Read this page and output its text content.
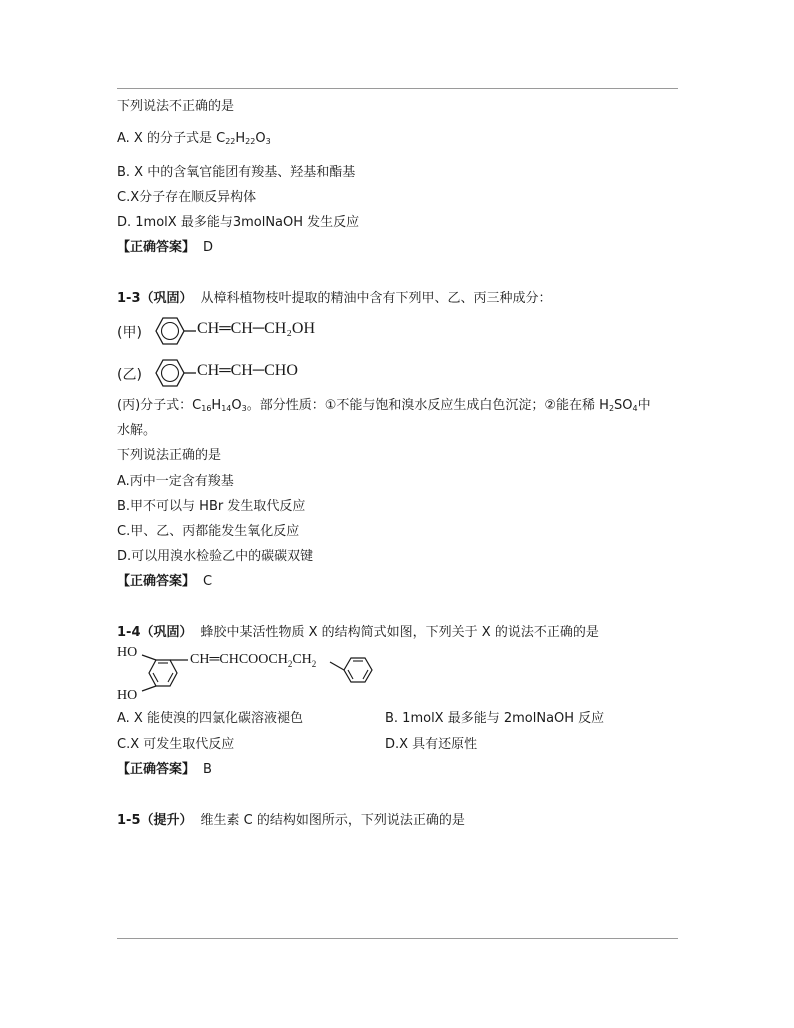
下列说法不正确的是
A. X 的分子式是 $C_{22}H_{22}O_3$
B. X 中的含氧官能团有羧基、羟基和酯基
C.X分子存在顺反异构体
D. 1molX 最多能与3molNaOH 发生反应
【正确答案】 D
1-3（巩固） 从樟科植物枝叶提取的精油中含有下列甲、乙、丙三种成分：
(甲)	CH═CH─CH₂OH
(乙)	CH═CH─CHO
(丙)分子式：$C_{16}H_{14}O_3$。部分性质：①不能与饱和溴水反应生成白色沉淀；②能在稀 $H_2SO_4$中
水解。
下列说法正确的是
A.丙中一定含有羧基
B.甲不可以与 HBr 发生取代反应
C.甲、乙、丙都能发生氧化反应
D.可以用溴水检验乙中的碳碳双键
【正确答案】 C
1-4（巩固） 蜂胶中某活性物质 X 的结构简式如图，下列关于 X 的说法不正确的是
HO
HO
$CH═CHCOOCH_2CH_2$
A. X 能使溴的四氯化碳溶液褪色	B. 1molX 最多能与 2molNaOH 反应
C.X 可发生取代反应	D.X 具有还原性
【正确答案】 B
1-5（提升） 维生素 C 的结构如图所示，下列说法正确的是
